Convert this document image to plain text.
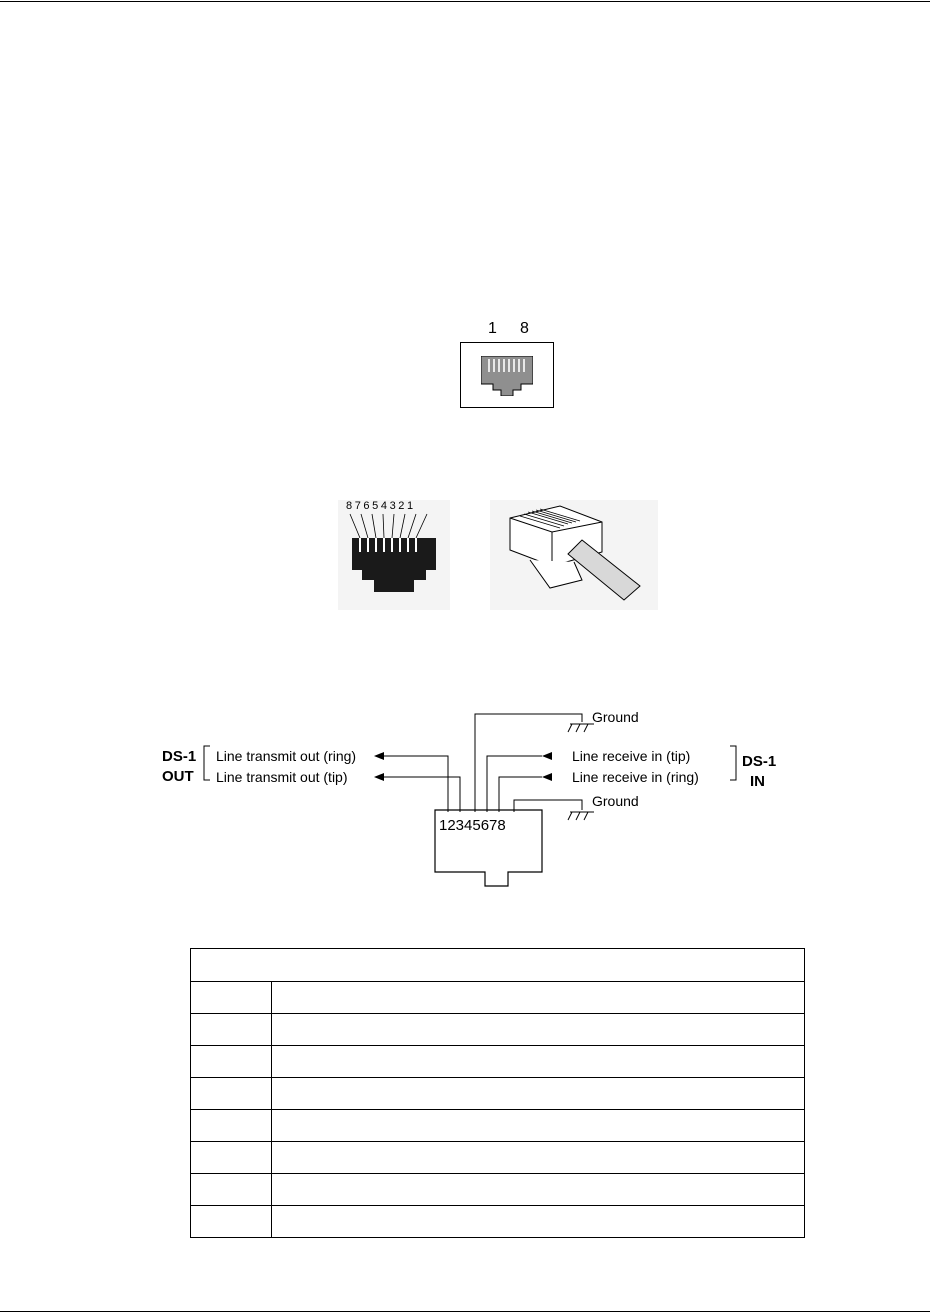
1 8
87654321
12345678
Ground
Ground
DS-1
OUT
Line transmit out (ring)
Line transmit out (tip)
Line receive in (tip)
Line receive in (ring)
DS-1
IN
